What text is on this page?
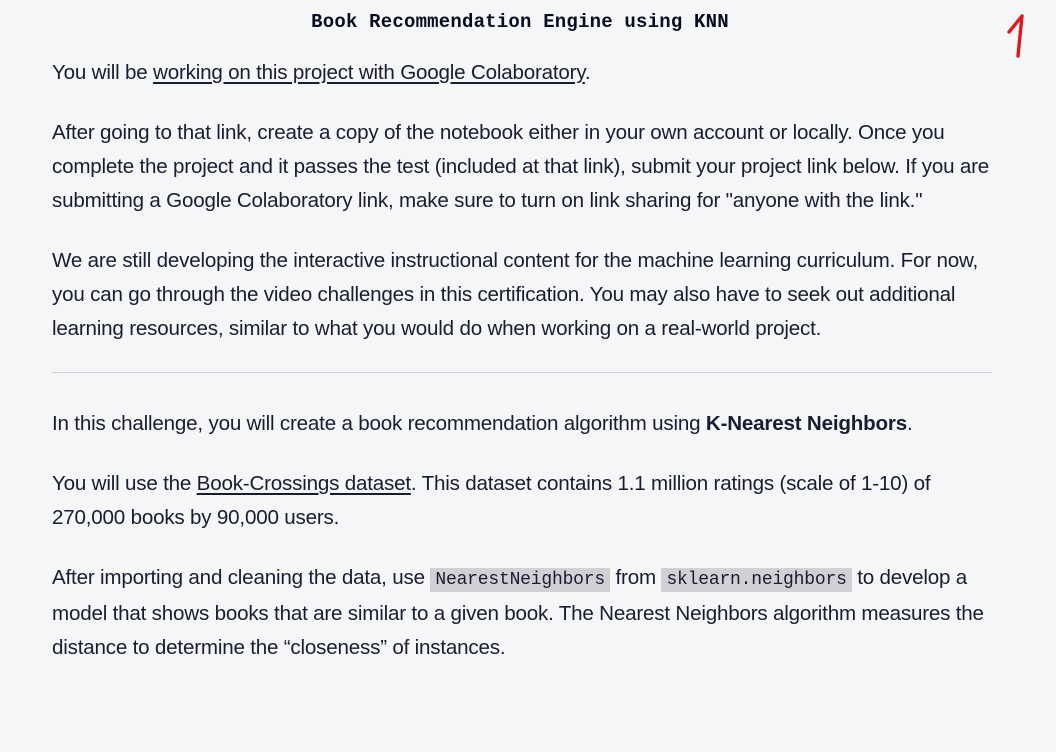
Book Recommendation Engine using KNN

You will be working on this project with Google Colaboratory.

After going to that link, create a copy of the notebook either in your own account or locally. Once you complete the project and it passes the test (included at that link), submit your project link below. If you are submitting a Google Colaboratory link, make sure to turn on link sharing for "anyone with the link."

We are still developing the interactive instructional content for the machine learning curriculum. For now, you can go through the video challenges in this certification. You may also have to seek out additional learning resources, similar to what you would do when working on a real-world project.

In this challenge, you will create a book recommendation algorithm using K-Nearest Neighbors.

You will use the Book-Crossings dataset. This dataset contains 1.1 million ratings (scale of 1-10) of 270,000 books by 90,000 users.

After importing and cleaning the data, use NearestNeighbors from sklearn.neighbors to develop a model that shows books that are similar to a given book. The Nearest Neighbors algorithm measures the distance to determine the “closeness” of instances.
